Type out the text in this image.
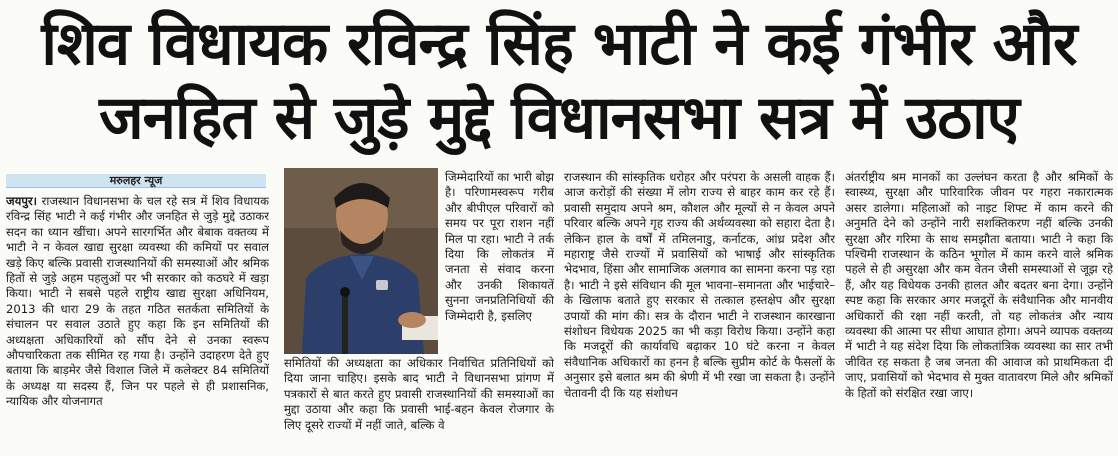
शिव विधायक रविन्द्र सिंह भाटी ने कई गंभीर और
जनहित से जुड़े मुद्दे विधानसभा सत्र में उठाए
मरुलहर न्यूज

जयपुर। राजस्थान विधानसभा के चल रहे सत्र में शिव विधायक रविन्द्र सिंह भाटी ने कई गंभीर और जनहित से जुड़े मुद्दे उठाकर सदन का ध्यान खींचा। अपने सारगर्भित और बेबाक वक्तव्य में भाटी ने न केवल खाद्य सुरक्षा व्यवस्था की कमियों पर सवाल खड़े किए बल्कि प्रवासी राजस्थानियों की समस्याओं और श्रमिक हितों से जुड़े अहम पहलुओं पर भी सरकार को कठघरे में खड़ा किया। भाटी ने सबसे पहले राष्ट्रीय खाद्य सुरक्षा अधिनियम, 2013 की धारा 29 के तहत गठित सतर्कता समितियों के संचालन पर सवाल उठाते हुए कहा कि इन समितियों की अध्यक्षता अधिकारियों को सौंप देने से उनका स्वरूप औपचारिकता तक सीमित रह गया है। उन्होंने उदाहरण देते हुए बताया कि बाड़मेर जैसे विशाल जिले में कलेक्टर 84 समितियों के अध्यक्ष या सदस्य हैं, जिन पर पहले से ही प्रशासनिक, न्यायिक और योजनागत

जिम्मेदारियों का भारी बोझ है। परिणामस्वरूप गरीब और बीपीएल परिवारों को समय पर पूरा राशन नहीं मिल पा रहा। भाटी ने तर्क दिया कि लोकतंत्र में जनता से संवाद करना और उनकी शिकायतें सुनना जनप्रतिनिधियों की जिम्मेदारी है, इसलिए
समितियों की अध्यक्षता का अधिकार निर्वाचित प्रतिनिधियों को दिया जाना चाहिए। इसके बाद भाटी ने विधानसभा प्रांगण में पत्रकारों से बात करते हुए प्रवासी राजस्थानियों की समस्याओं का मुद्दा उठाया और कहा कि प्रवासी भाई-बहन केवल रोजगार के लिए दूसरे राज्यों में नहीं जाते, बल्कि वे
राजस्थान की सांस्कृतिक धरोहर और परंपरा के असली वाहक हैं। आज करोड़ों की संख्या में लोग राज्य से बाहर काम कर रहे हैं। प्रवासी समुदाय अपने श्रम, कौशल और मूल्यों से न केवल अपने परिवार बल्कि अपने गृह राज्य की अर्थव्यवस्था को सहारा देता है। लेकिन हाल के वर्षों में तमिलनाडु, कर्नाटक, आंध्र प्रदेश और महाराष्ट्र जैसे राज्यों में प्रवासियों को भाषाई और सांस्कृतिक भेदभाव, हिंसा और सामाजिक अलगाव का सामना करना पड़ रहा है। भाटी ने इसे संविधान की मूल भावना–समानता और भाईचारे–के खिलाफ बताते हुए सरकार से तत्काल हस्तक्षेप और सुरक्षा उपायों की मांग की। सत्र के दौरान भाटी ने राजस्थान कारखाना संशोधन विधेयक 2025 का भी कड़ा विरोध किया। उन्होंने कहा कि मजदूरों की कार्यावधि बढ़ाकर 10 घंटे करना न केवल संवैधानिक अधिकारों का हनन है बल्कि सुप्रीम कोर्ट के फैसलों के अनुसार इसे बलात श्रम की श्रेणी में भी रखा जा सकता है। उन्होंने चेतावनी दी कि यह संशोधन
अंतर्राष्ट्रीय श्रम मानकों का उल्लंघन करता है और श्रमिकों के स्वास्थ्य, सुरक्षा और पारिवारिक जीवन पर गहरा नकारात्मक असर डालेगा। महिलाओं को नाइट शिफ्ट में काम करने की अनुमति देने को उन्होंने नारी सशक्तिकरण नहीं बल्कि उनकी सुरक्षा और गरिमा के साथ समझौता बताया। भाटी ने कहा कि पश्चिमी राजस्थान के कठिन भूगोल में काम करने वाले श्रमिक पहले से ही असुरक्षा और कम वेतन जैसी समस्याओं से जूझ रहे हैं, और यह विधेयक उनकी हालत और बदतर बना देगा। उन्होंने स्पष्ट कहा कि सरकार अगर मजदूरों के संवैधानिक और मानवीय अधिकारों की रक्षा नहीं करती, तो यह लोकतंत्र और न्याय व्यवस्था की आत्मा पर सीधा आघात होगा। अपने व्यापक वक्तव्य में भाटी ने यह संदेश दिया कि लोकतांत्रिक व्यवस्था का सार तभी जीवित रह सकता है जब जनता की आवाज को प्राथमिकता दी जाए, प्रवासियों को भेदभाव से मुक्त वातावरण मिले और श्रमिकों के हितों को संरक्षित रखा जाए।
